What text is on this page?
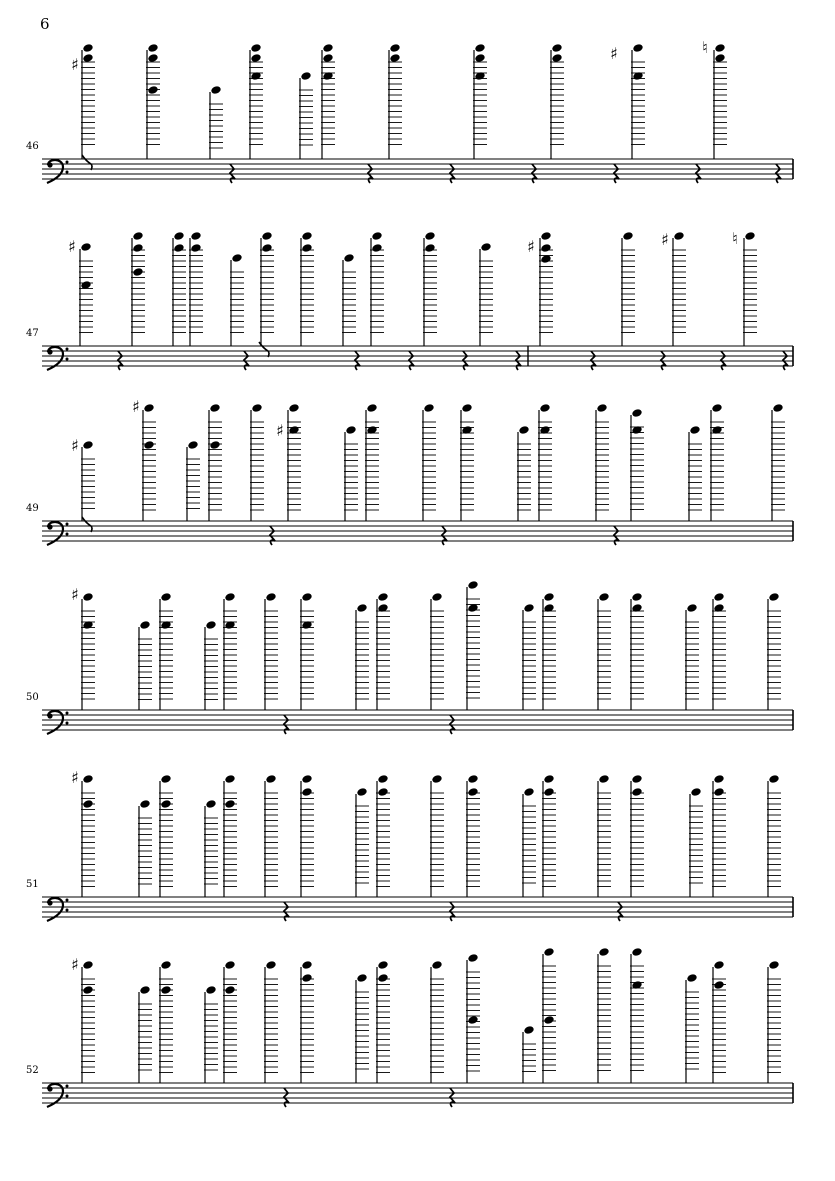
6
46
♯
♯	♮
47
♯	♯	♯	♮
49
♯
♯
♯
50
♯
51
♯
52
♯
